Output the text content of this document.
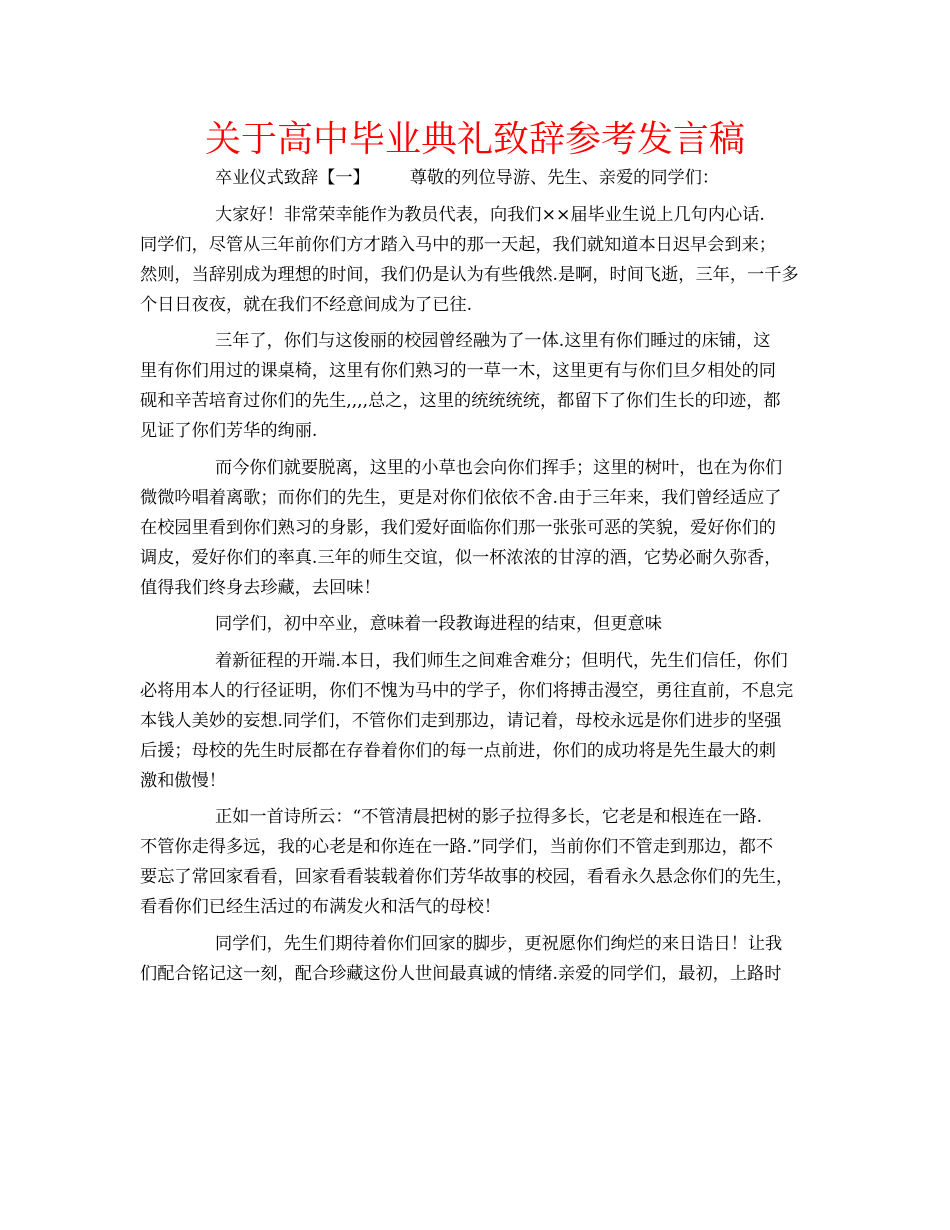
关于高中毕业典礼致辞参考发言稿
卒业仪式致辞【一】 尊敬的列位导游、先生、亲爱的同学们：
大家好！非常荣幸能作为教员代表，向我们××届毕业生说上几句内心话.
同学们，尽管从三年前你们方才踏入马中的那一天起，我们就知道本日迟早会到来；
然则，当辞别成为理想的时间，我们仍是认为有些俄然.是啊，时间飞逝，三年，一千多
个日日夜夜，就在我们不经意间成为了已往.
三年了，你们与这俊丽的校园曾经融为了一体.这里有你们睡过的床铺，这
里有你们用过的课桌椅，这里有你们熟习的一草一木，这里更有与你们旦夕相处的同
砚和辛苦培育过你们的先生,,,,总之，这里的统统统统，都留下了你们生长的印迹，都
见证了你们芳华的绚丽.
而今你们就要脱离，这里的小草也会向你们挥手；这里的树叶，也在为你们
微微吟唱着离歌；而你们的先生，更是对你们依依不舍.由于三年来，我们曾经适应了
在校园里看到你们熟习的身影，我们爱好面临你们那一张张可恶的笑貌，爱好你们的
调皮，爱好你们的率真.三年的师生交谊，似一杯浓浓的甘淳的酒，它势必耐久弥香，
值得我们终身去珍藏，去回味！
同学们，初中卒业，意味着一段教诲进程的结束，但更意味
着新征程的开端.本日，我们师生之间难舍难分；但明代，先生们信任，你们
必将用本人的行径证明，你们不愧为马中的学子，你们将搏击漫空，勇往直前，不息完
本钱人美妙的妄想.同学们，不管你们走到那边，请记着，母校永远是你们进步的坚强
后援；母校的先生时辰都在存眷着你们的每一点前进，你们的成功将是先生最大的刺
激和傲慢！
正如一首诗所云：“不管清晨把树的影子拉得多长，它老是和根连在一路.
不管你走得多远，我的心老是和你连在一路.”同学们，当前你们不管走到那边，都不
要忘了常回家看看，回家看看装载着你们芳华故事的校园，看看永久悬念你们的先生，
看看你们已经生活过的布满发火和活气的母校！
同学们，先生们期待着你们回家的脚步，更祝愿你们绚烂的来日诰日！让我
们配合铭记这一刻，配合珍藏这份人世间最真诚的情绪.亲爱的同学们，最初，上路时
